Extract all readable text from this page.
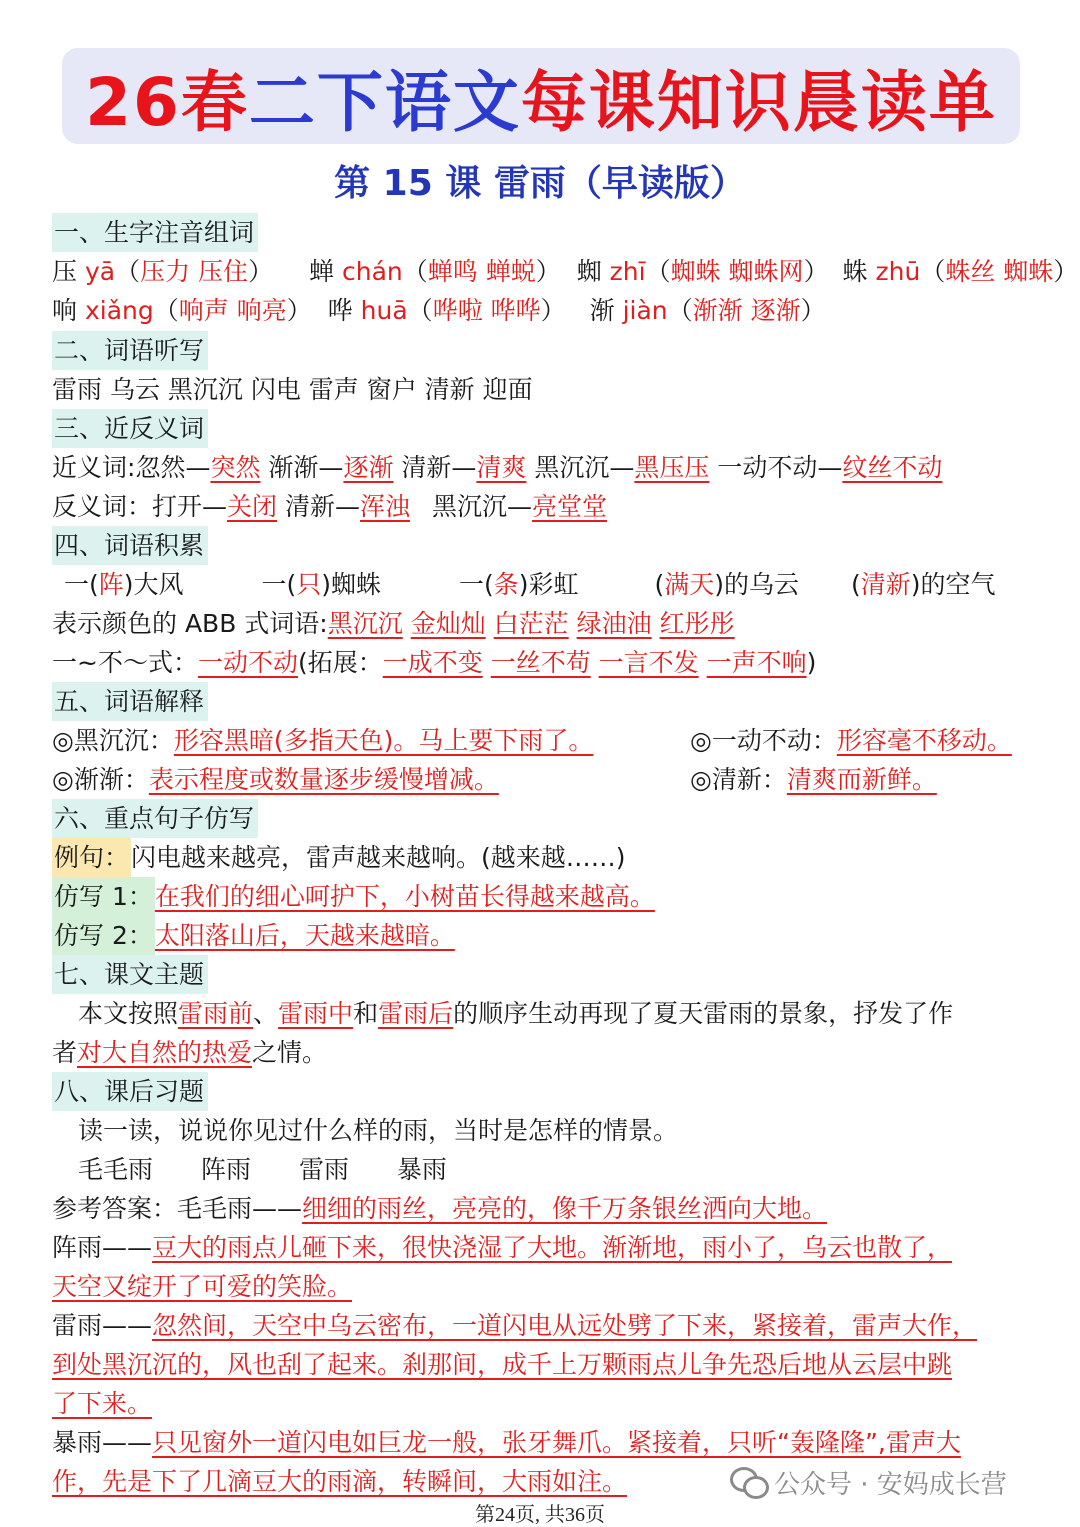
26春 二下语文 每课知识晨读单
第 15 课 雷雨（早读版）
一、生字注音组词
压 yā（压力 压住） 蝉 chán（蝉鸣 蝉蜕） 蜘 zhī（蜘蛛 蜘蛛网） 蛛 zhū（蛛丝 蜘蛛）
响 xiǎng（响声 响亮） 哗 huā（哗啦 哗哗） 渐 jiàn（渐渐 逐渐）
二、词语听写
雷雨 乌云 黑沉沉 闪电 雷声 窗户 清新 迎面
三、近反义词
近义词:忽然—突然 渐渐—逐渐 清新—清爽 黑沉沉—黑压压 一动不动—纹丝不动
反义词：打开—关闭 清新—浑浊 黑沉沉—亮堂堂
四、词语积累
一(阵)大风	一(只)蜘蛛	一(条)彩虹	(满天)的乌云 (清新)的空气
表示颜色的 ABB 式词语:黑沉沉 金灿灿 白茫茫 绿油油 红彤彤
一~不～式：一动不动(拓展：一成不变 一丝不苟 一言不发 一声不响)
五、词语解释
◎黑沉沉：形容黑暗(多指天色)。马上要下雨了。	◎一动不动：形容毫不移动。
◎渐渐：表示程度或数量逐步缓慢增减。	◎清新：清爽而新鲜。
六、重点句子仿写
例句：闪电越来越亮，雷声越来越响。(越来越……)
仿写 1：在我们的细心呵护下，小树苗长得越来越高。
仿写 2：太阳落山后，天越来越暗。
七、课文主题
本文按照雷雨前、雷雨中和雷雨后的顺序生动再现了夏天雷雨的景象，抒发了作
者对大自然的热爱之情。
八、课后习题
读一读，说说你见过什么样的雨，当时是怎样的情景。
毛毛雨 阵雨 雷雨 暴雨
参考答案：毛毛雨——细细的雨丝，亮亮的，像千万条银丝洒向大地。
阵雨——豆大的雨点儿砸下来，很快浇湿了大地。渐渐地，雨小了，乌云也散了，
天空又绽开了可爱的笑脸。
雷雨——忽然间，天空中乌云密布，一道闪电从远处劈了下来，紧接着，雷声大作，
到处黑沉沉的，风也刮了起来。刹那间，成千上万颗雨点儿争先恐后地从云层中跳
了下来。
暴雨——只见窗外一道闪电如巨龙一般，张牙舞爪。紧接着，只听“轰隆隆”,雷声大
作，先是下了几滴豆大的雨滴，转瞬间，大雨如注。	公众号 · 安妈成长营
第24页, 共36页
